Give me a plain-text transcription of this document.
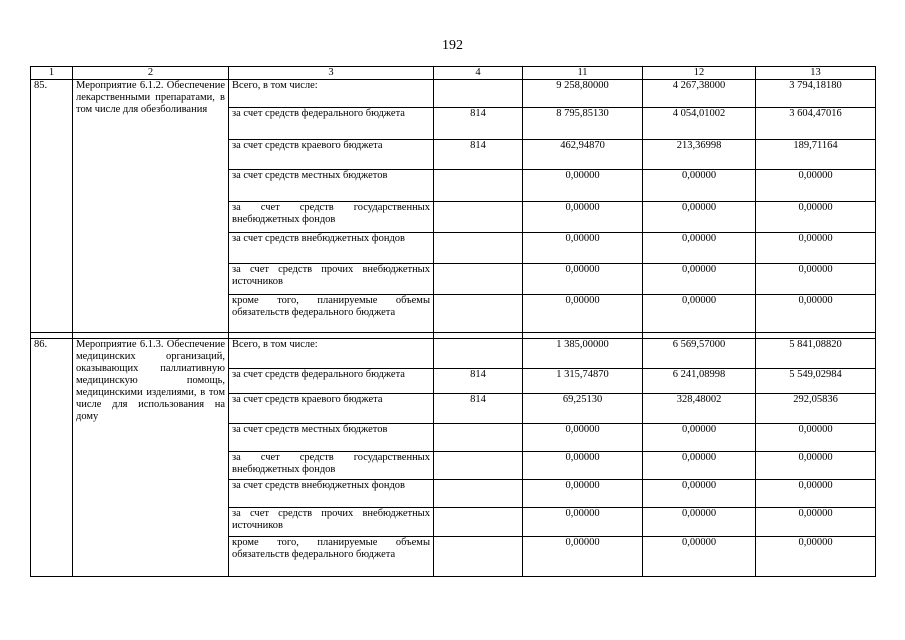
192
1	2	3	4	11	12	13
85.	Мероприятие 6.1.2. Обеспечение лекарственными препаратами, в том числе для обезболивания	Всего, в том числе:		9 258,80000	4 267,38000	3 794,18180
		за счет средств федерального бюджета	814	8 795,85130	4 054,01002	3 604,47016
		за счет средств краевого бюджета	814	462,94870	213,36998	189,71164
		за счет средств местных бюджетов		0,00000	0,00000	0,00000
		за счет средств государственных внебюджетных фондов		0,00000	0,00000	0,00000
		за счет средств внебюджетных фондов		0,00000	0,00000	0,00000
		за счет средств прочих внебюджетных источников		0,00000	0,00000	0,00000
		кроме того, планируемые объемы обязательств федерального бюджета		0,00000	0,00000	0,00000

86.	Мероприятие 6.1.3. Обеспечение медицинских организаций, оказывающих паллиативную медицинскую помощь, медицинскими изделиями, в том числе для использования на дому	Всего, в том числе:		1 385,00000	6 569,57000	5 841,08820
		за счет средств федерального бюджета	814	1 315,74870	6 241,08998	5 549,02984
		за счет средств краевого бюджета	814	69,25130	328,48002	292,05836
		за счет средств местных бюджетов		0,00000	0,00000	0,00000
		за счет средств государственных внебюджетных фондов		0,00000	0,00000	0,00000
		за счет средств внебюджетных фондов		0,00000	0,00000	0,00000
		за счет средств прочих внебюджетных источников		0,00000	0,00000	0,00000
		кроме того, планируемые объемы обязательств федерального бюджета		0,00000	0,00000	0,00000
